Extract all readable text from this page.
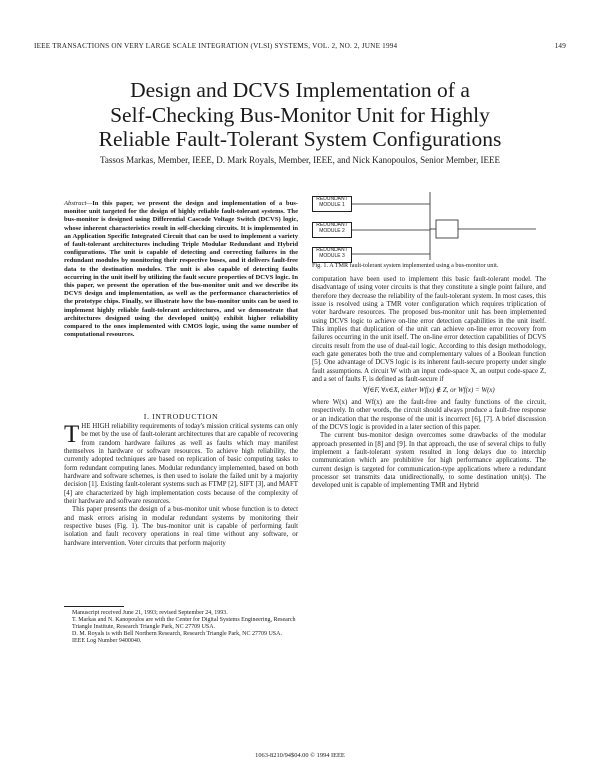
IEEE TRANSACTIONS ON VERY LARGE SCALE INTEGRATION (VLSI) SYSTEMS, VOL. 2, NO. 2, JUNE 1994	149
Design and DCVS Implementation of a
Self-Checking Bus-Monitor Unit for Highly
Reliable Fault-Tolerant System Configurations
Tassos Markas, Member, IEEE, D. Mark Royals, Member, IEEE, and Nick Kanopoulos, Senior Member, IEEE
Abstract—In this paper, we present the design and implementation of a bus-monitor unit targeted for the design of highly reliable fault-tolerant systems. The bus-monitor is designed using Differential Cascode Voltage Switch (DCVS) logic, whose inherent characteristics result in self-checking circuits. It is implemented in an Application Specific Integrated Circuit that can be used to implement a variety of fault-tolerant architectures including Triple Modular Redundant and Hybrid configurations. The unit is capable of detecting and correcting failures in the redundant modules by monitoring their respective buses, and it delivers fault-free data to the destination modules. The unit is also capable of detecting faults occurring in the unit itself by utilizing the fault secure properties of DCVS logic. In this paper, we present the operation of the bus-monitor unit and we describe its DCVS design and implementation, as well as the performance characteristics of the prototype chips. Finally, we illustrate how the bus-monitor units can be used to implement highly reliable fault-tolerant architectures, and we demonstrate that architectures designed using the developed unit(s) exhibit higher reliability compared to the ones implemented with CMOS logic, using the same number of computational resources.
I. INTRODUCTION

THE HIGH reliability requirements of today's mission critical systems can only be met by the use of fault-tolerant architectures that are capable of recovering from random hardware failures as well as faults which may manifest themselves in hardware or software resources. To achieve high reliability, the currently adopted techniques are based on replication of basic computing tasks to form redundant computing lanes. Modular redundancy implemented, based on both hardware and software schemes, is then used to isolate the failed unit by a majority decision [1]. Existing fault-tolerant systems such as FTMP [2], SIFT [3], and MAFT [4] are characterized by high implementation costs because of the complexity of their hardware and software resources.

This paper presents the design of a bus-monitor unit whose function is to detect and mask errors arising in modular redundant systems by monitoring their respective buses (Fig. 1). The bus-monitor unit is capable of performing fault isolation and fault recovery operations in real time without any software, or hardware intervention. Voter circuits that perform majority

Manuscript received June 21, 1993; revised September 24, 1993.

T. Markas and N. Kanopoulos are with the Center for Digital Systems Engineering, Research Triangle Institute, Research Triangle Park, NC 27709 USA.

D. M. Royals is with Bell Northern Research, Research Triangle Park, NC 27709 USA.

IEEE Log Number 9400040.

REDUNDANT MODULE 1
REDUNDANT MODULE 2
REDUNDANT MODULE 3
Fig. 1. A TMR fault-tolerant system implemented using a bus-monitor unit.

computation have been used to implement this basic fault-tolerant model. The disadvantage of using voter circuits is that they constitute a single point failure, and therefore they decrease the reliability of the fault-tolerant system. In most cases, this issue is resolved using a TMR voter configuration which requires triplication of voter hardware resources. The proposed bus-monitor unit has been implemented using DCVS logic to achieve on-line error detection capabilities in the unit itself. This implies that duplication of the unit can achieve on-line error recovery from failures occurring in the unit itself. The on-line error detection capabilities of DCVS circuits result from the use of dual-rail logic. According to this design methodology, each gate generates both the true and complementary values of a Boolean function [5]. One advantage of DCVS logic is its inherent fault-secure property under single fault assumptions. A circuit W with an input code-space X, an output code-space Z, and a set of faults F, is defined as fault-secure if

∀f∈F, ∀x∈X, either Wf(x) ∉ Z, or Wf(x) = W(x)

where W(x) and Wf(x) are the fault-free and faulty functions of the circuit, respectively. In other words, the circuit should always produce a fault-free response or an indication that the response of the unit is incorrect [6], [7]. A brief discussion of the DCVS logic is provided in a later section of this paper.

The current bus-monitor design overcomes some drawbacks of the modular approach presented in [8] and [9]. In that approach, the use of several chips to fully implement a fault-tolerant system resulted in long delays due to interchip communication which are prohibitive for high performance applications. The current design is targeted for communication-type applications where a redundant processor set transmits data unidirectionally, to some destination unit(s). The developed unit is capable of implementing TMR and Hybrid

1063-8210/94$04.00 © 1994 IEEE
